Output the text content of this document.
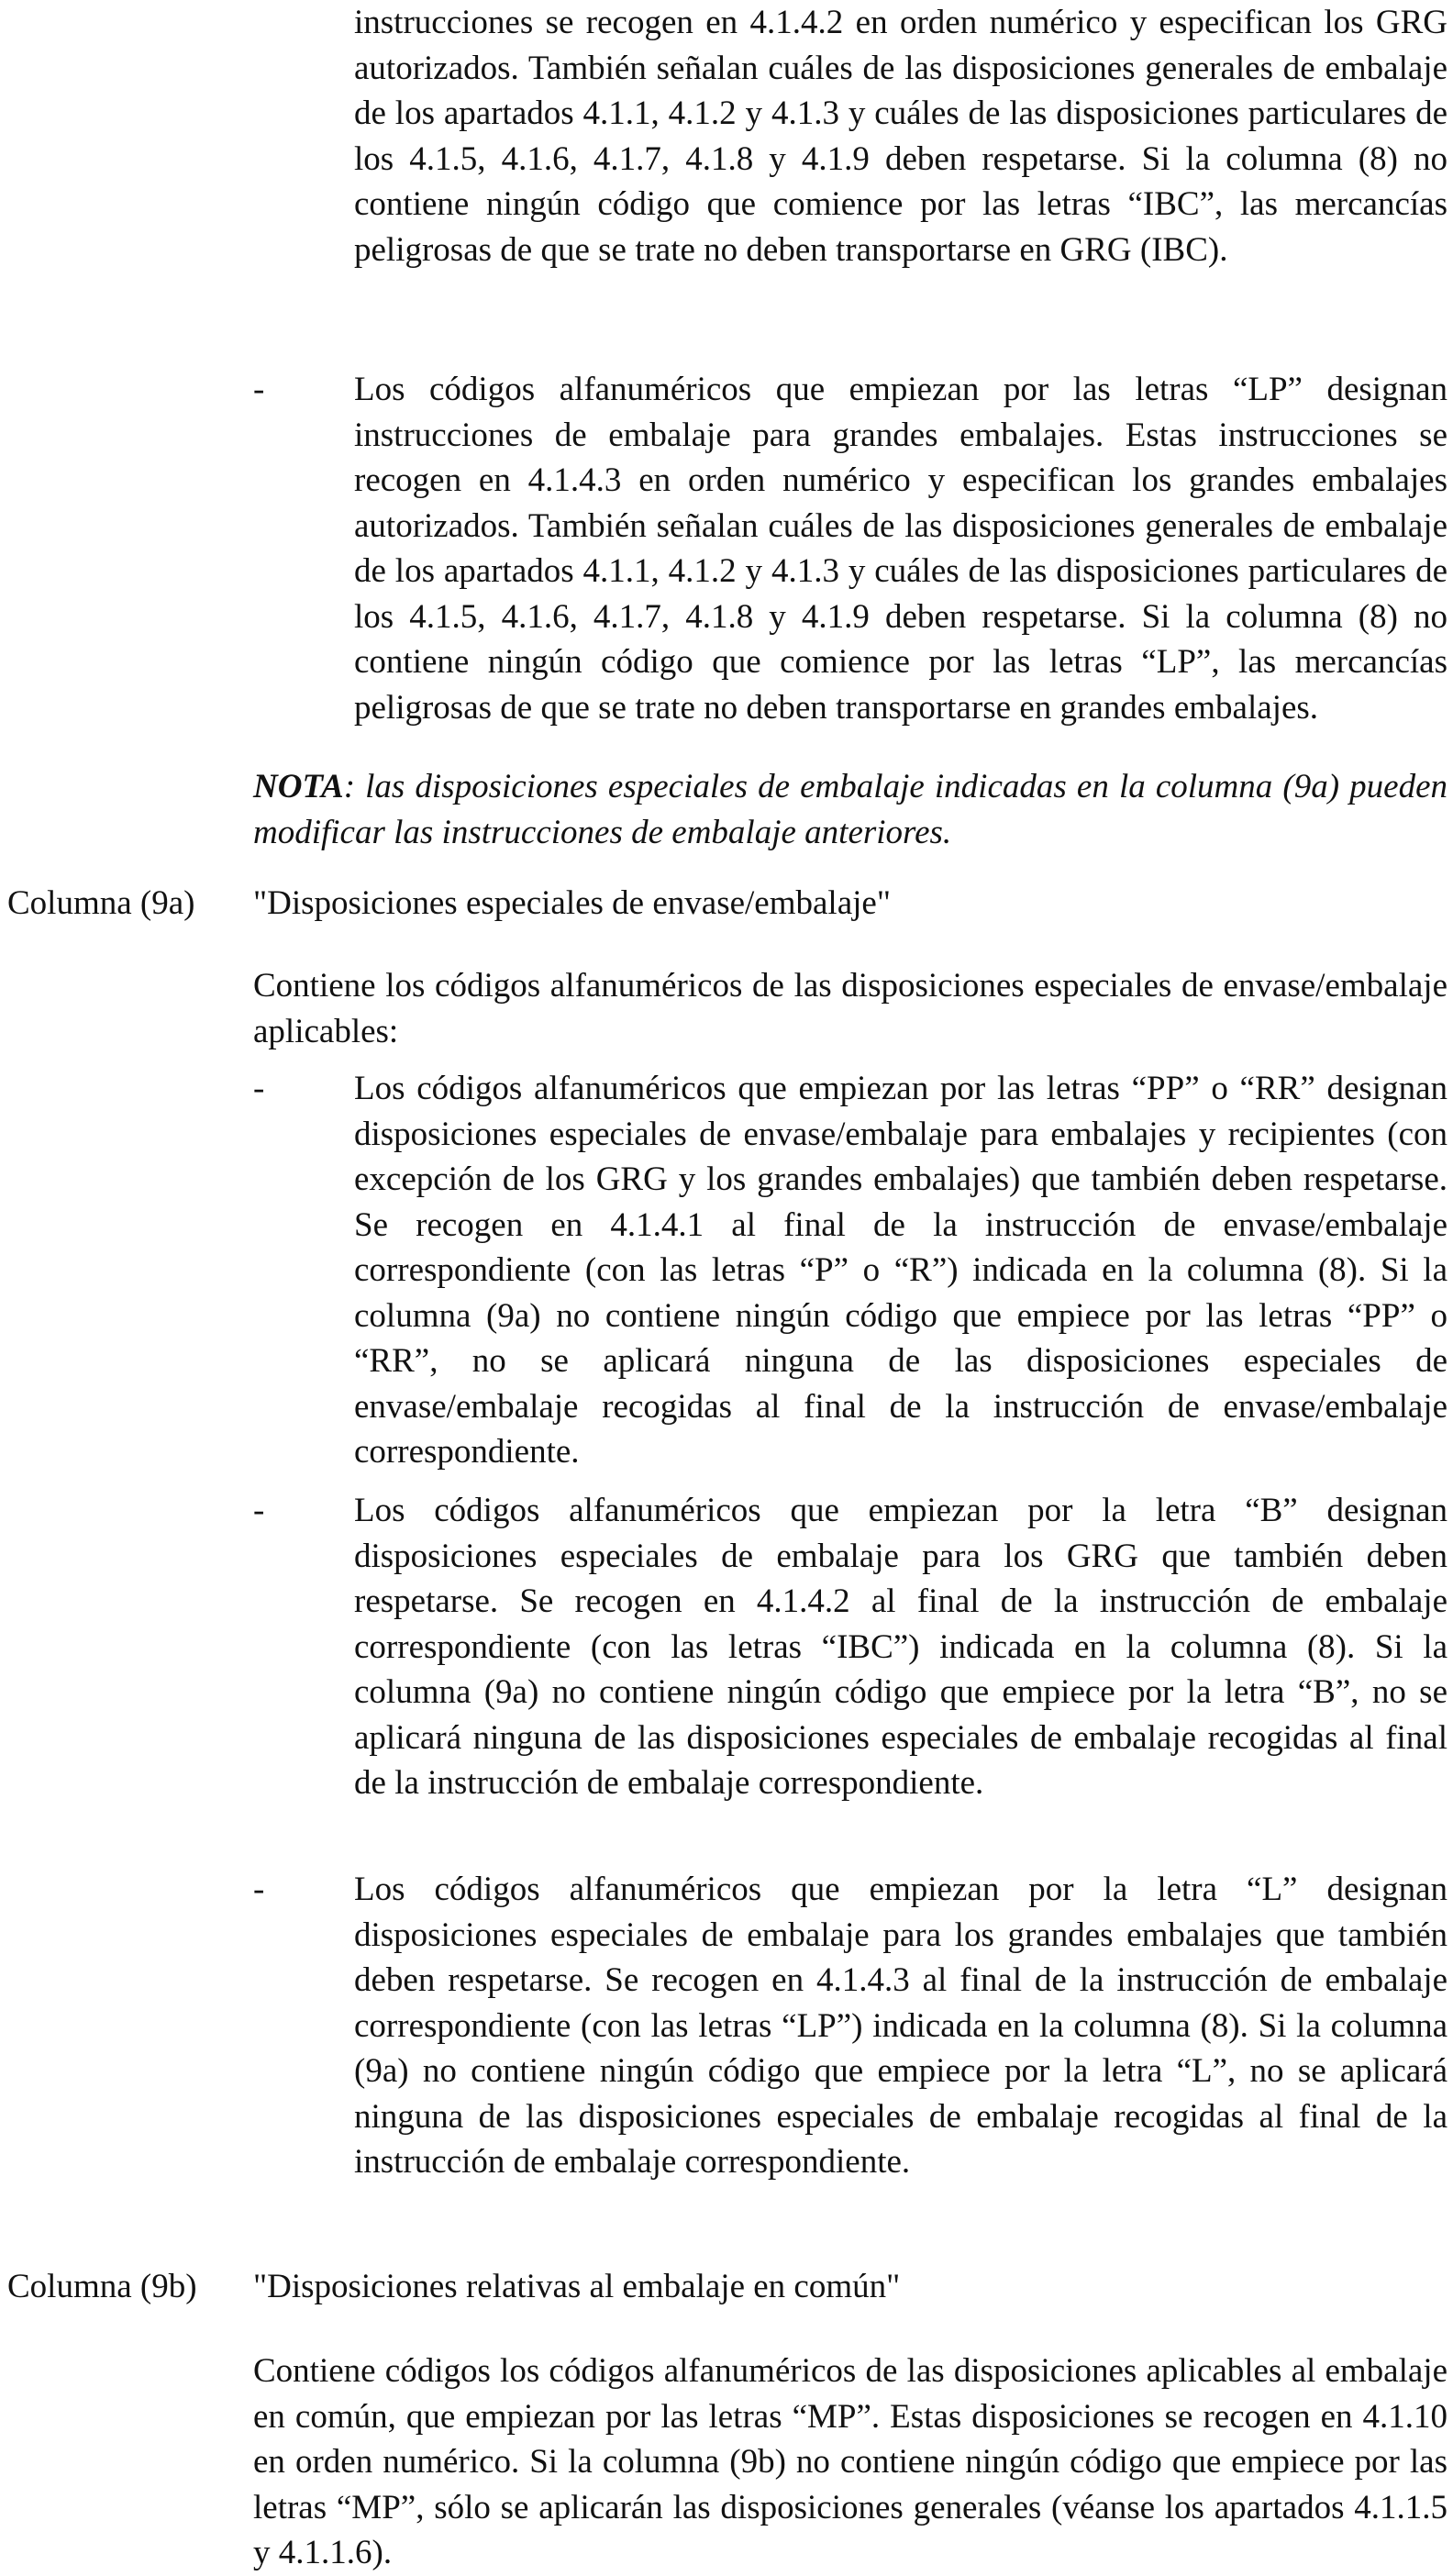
instrucciones se recogen en 4.1.4.2 en orden numérico y especifican los GRG autorizados. También señalan cuáles de las disposiciones generales de embalaje de los apartados 4.1.1, 4.1.2 y 4.1.3 y cuáles de las disposiciones particulares de los 4.1.5, 4.1.6, 4.1.7, 4.1.8 y 4.1.9 deben respetarse. Si la columna (8) no contiene ningún código que comience por las letras “IBC”, las mercancías peligrosas de que se trate no deben transportarse en GRG (IBC).

-	Los códigos alfanuméricos que empiezan por las letras “LP” designan instrucciones de embalaje para grandes embalajes. Estas instrucciones se recogen en 4.1.4.3 en orden numérico y especifican los grandes embalajes autorizados. También señalan cuáles de las disposiciones generales de embalaje de los apartados 4.1.1, 4.1.2 y 4.1.3 y cuáles de las disposiciones particulares de los 4.1.5, 4.1.6, 4.1.7, 4.1.8 y 4.1.9 deben respetarse. Si la columna (8) no contiene ningún código que comience por las letras “LP”, las mercancías peligrosas de que se trate no deben transportarse en grandes embalajes.

NOTA: las disposiciones especiales de embalaje indicadas en la columna (9a) pueden modificar las instrucciones de embalaje anteriores.

Columna (9a) "Disposiciones especiales de envase/embalaje"

Contiene los códigos alfanuméricos de las disposiciones especiales de envase/embalaje aplicables:

-	Los códigos alfanuméricos que empiezan por las letras “PP” o “RR” designan disposiciones especiales de envase/embalaje para embalajes y recipientes (con excepción de los GRG y los grandes embalajes) que también deben respetarse. Se recogen en 4.1.4.1 al final de la instrucción de envase/embalaje correspondiente (con las letras “P” o “R”) indicada en la columna (8). Si la columna (9a) no contiene ningún código que empiece por las letras “PP” o “RR”, no se aplicará ninguna de las disposiciones especiales de envase/embalaje recogidas al final de la instrucción de envase/embalaje correspondiente.

-	Los códigos alfanuméricos que empiezan por la letra “B” designan disposiciones especiales de embalaje para los GRG que también deben respetarse. Se recogen en 4.1.4.2 al final de la instrucción de embalaje correspondiente (con las letras “IBC”) indicada en la columna (8). Si la columna (9a) no contiene ningún código que empiece por la letra “B”, no se aplicará ninguna de las disposiciones especiales de embalaje recogidas al final de la instrucción de embalaje correspondiente.

-	Los códigos alfanuméricos que empiezan por la letra “L” designan disposiciones especiales de embalaje para los grandes embalajes que también deben respetarse. Se recogen en 4.1.4.3 al final de la instrucción de embalaje correspondiente (con las letras “LP”) indicada en la columna (8). Si la columna (9a) no contiene ningún código que empiece por la letra “L”, no se aplicará ninguna de las disposiciones especiales de embalaje recogidas al final de la instrucción de embalaje correspondiente.

Columna (9b) "Disposiciones relativas al embalaje en común"

Contiene códigos los códigos alfanuméricos de las disposiciones aplicables al embalaje en común, que empiezan por las letras “MP”. Estas disposiciones se recogen en 4.1.10 en orden numérico. Si la columna (9b) no contiene ningún código que empiece por las letras “MP”, sólo se aplicarán las disposiciones generales (véanse los apartados 4.1.1.5 y 4.1.1.6).
